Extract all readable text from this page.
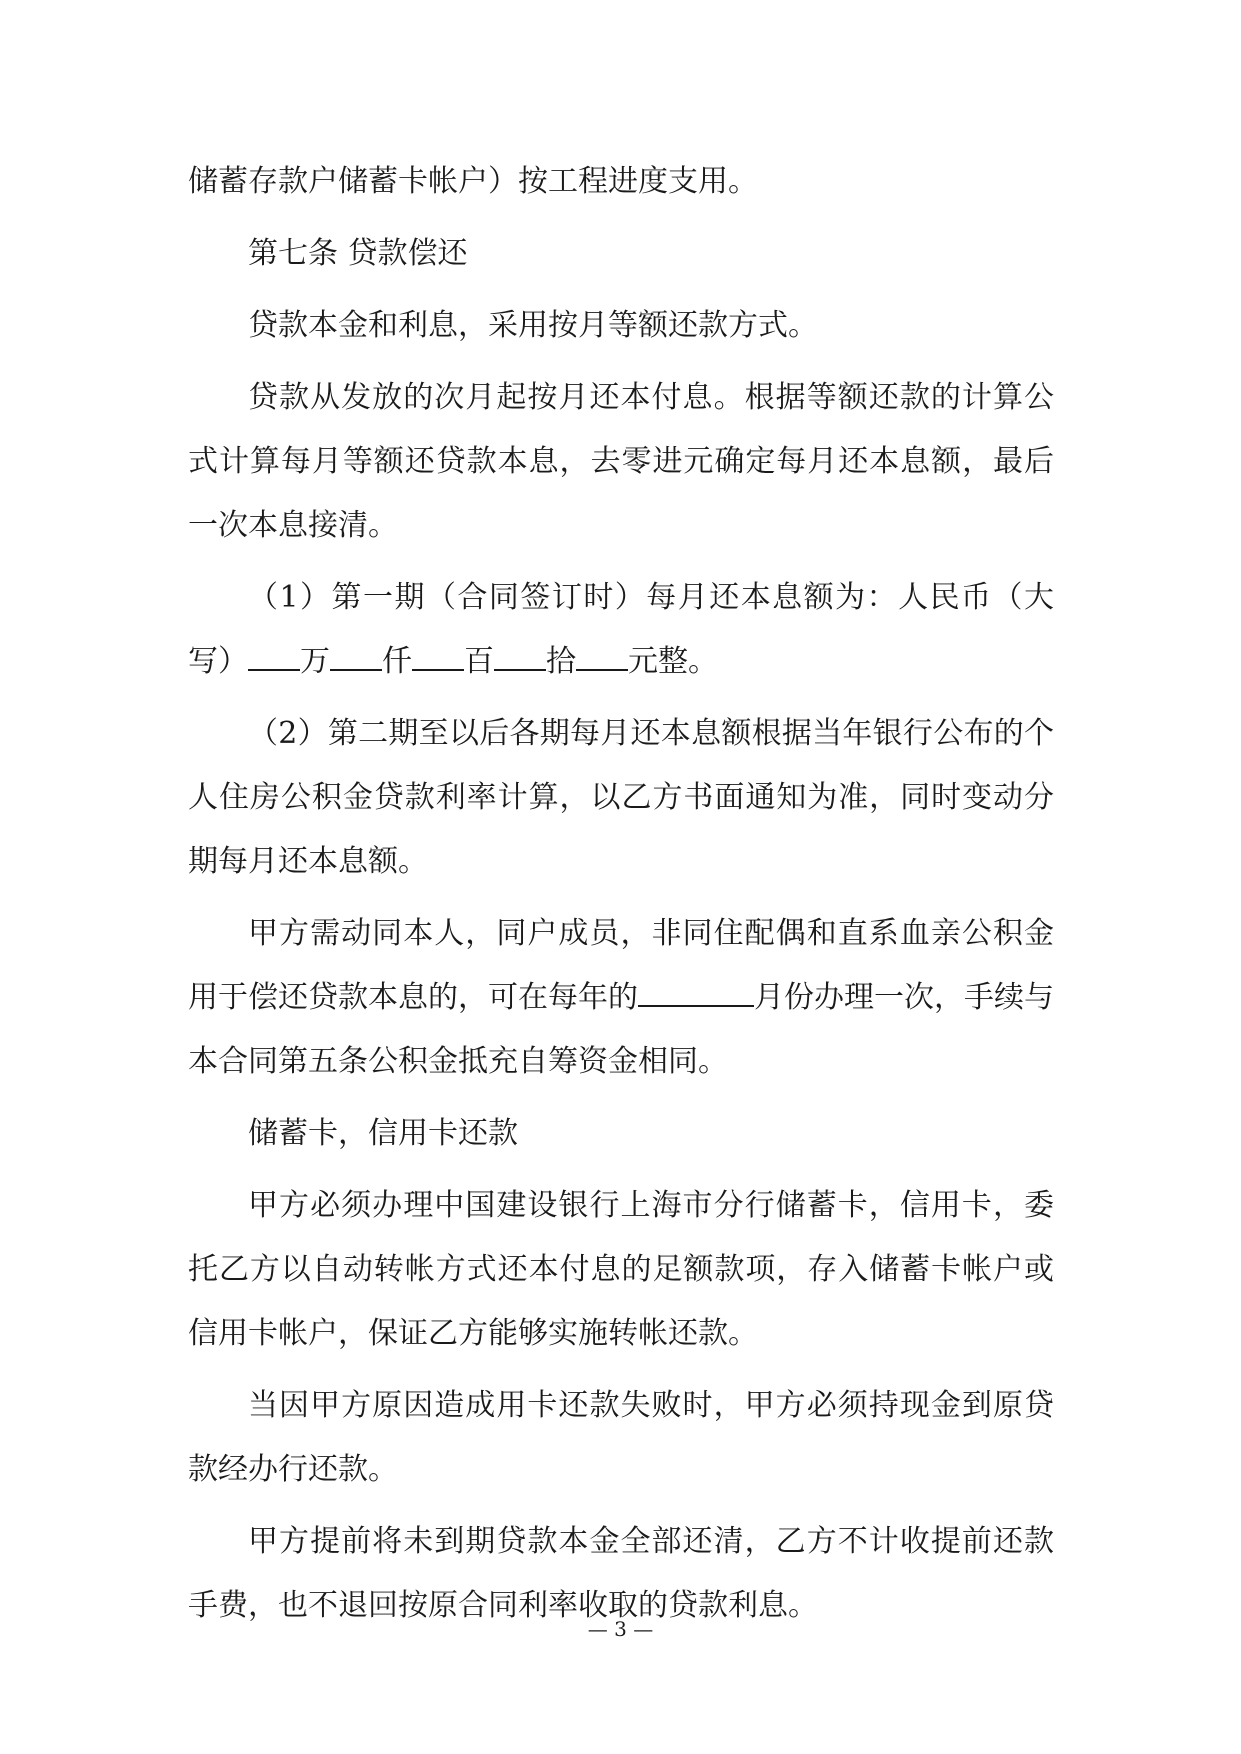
储蓄存款户储蓄卡帐户）按工程进度支用。

第七条 贷款偿还

贷款本金和利息，采用按月等额还款方式。

贷款从发放的次月起按月还本付息。根据等额还款的计算公式计算每月等额还贷款本息，去零进元确定每月还本息额，最后一次本息接清。

（1）第一期（合同签订时）每月还本息额为：人民币（大写） 万 仟 百 拾 元整。

（2）第二期至以后各期每月还本息额根据当年银行公布的个人住房公积金贷款利率计算，以乙方书面通知为准，同时变动分期每月还本息额。

甲方需动同本人，同户成员，非同住配偶和直系血亲公积金用于偿还贷款本息的，可在每年的	月份办理一次，手续与本合同第五条公积金抵充自筹资金相同。

储蓄卡，信用卡还款

甲方必须办理中国建设银行上海市分行储蓄卡，信用卡，委托乙方以自动转帐方式还本付息的足额款项，存入储蓄卡帐户或信用卡帐户，保证乙方能够实施转帐还款。

当因甲方原因造成用卡还款失败时，甲方必须持现金到原贷款经办行还款。

甲方提前将未到期贷款本金全部还清，乙方不计收提前还款手费，也不退回按原合同利率收取的贷款利息。

— 3 —
